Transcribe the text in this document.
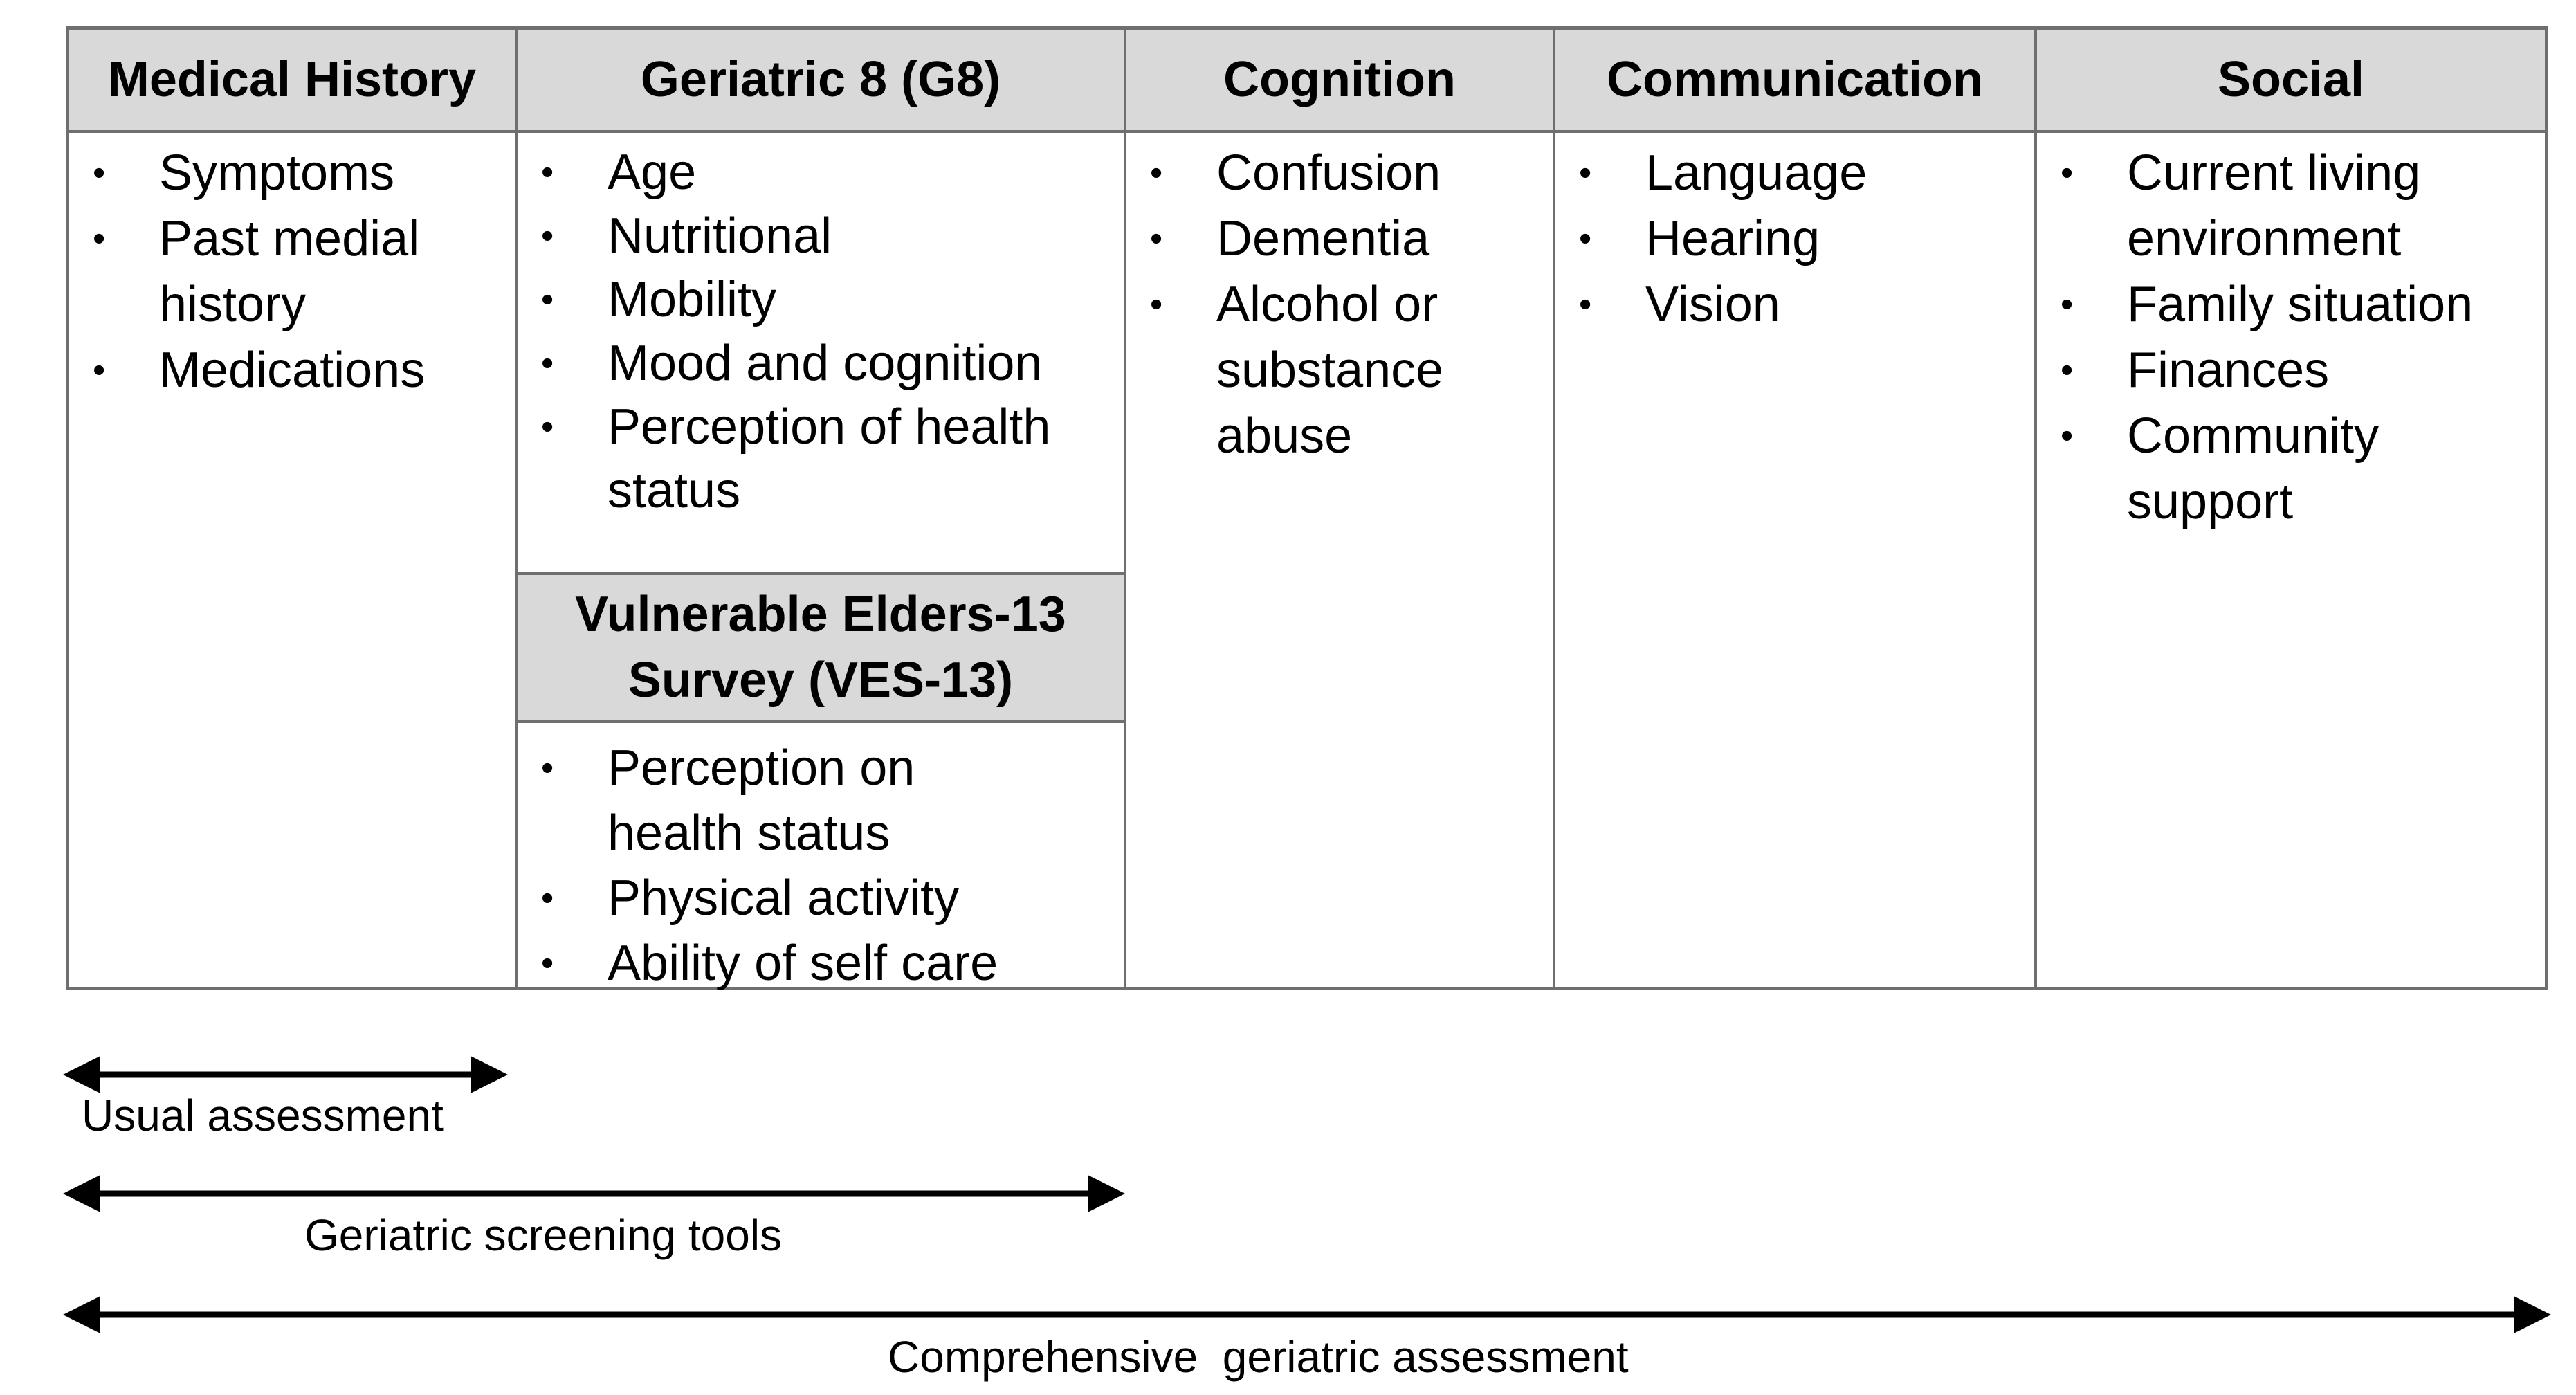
Medical History
•	Symptoms
•	Past medial history
•	Medications
Geriatric 8 (G8)
•	Age
•	Nutritional
•	Mobility
•	Mood and cognition
•	Perception of health status
Vulnerable Elders-13 Survey (VES-13)
•	Perception on health status
•	Physical activity
•	Ability of self care
Cognition
•	Confusion
•	Dementia
•	Alcohol or substance abuse
Communication
•	Language
•	Hearing
•	Vision
Social
•	Current living environment
•	Family situation
•	Finances
•	Community support
Usual assessment
Geriatric screening tools
Comprehensive  geriatric assessment
